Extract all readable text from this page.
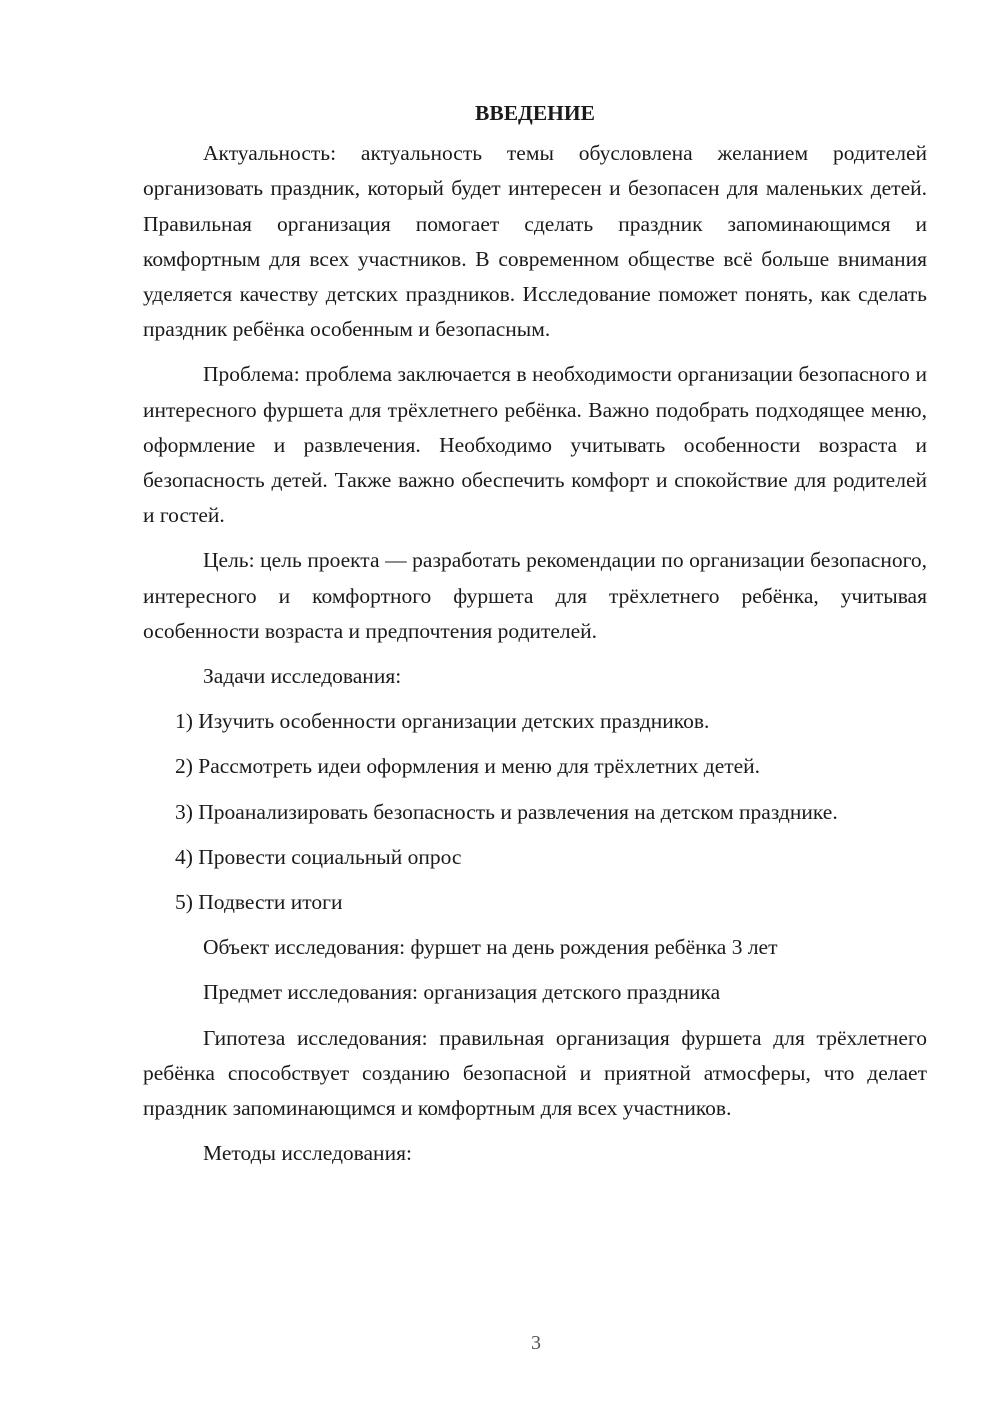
ВВЕДЕНИЕ

Актуальность: актуальность темы обусловлена желанием родителей организовать праздник, который будет интересен и безопасен для маленьких детей. Правильная организация помогает сделать праздник запоминающимся и комфортным для всех участников. В современном обществе всё больше внимания уделяется качеству детских праздников. Исследование поможет понять, как сделать праздник ребёнка особенным и безопасным.

Проблема: проблема заключается в необходимости организации безопасного и интересного фуршета для трёхлетнего ребёнка. Важно подобрать подходящее меню, оформление и развлечения. Необходимо учитывать особенности возраста и безопасность детей. Также важно обеспечить комфорт и спокойствие для родителей и гостей.

Цель: цель проекта — разработать рекомендации по организации безопасного, интересного и комфортного фуршета для трёхлетнего ребёнка, учитывая особенности возраста и предпочтения родителей.

Задачи исследования:

1) Изучить особенности организации детских праздников.

2) Рассмотреть идеи оформления и меню для трёхлетних детей.

3) Проанализировать безопасность и развлечения на детском празднике.

4) Провести социальный опрос

5) Подвести итоги

Объект исследования: фуршет на день рождения ребёнка 3 лет

Предмет исследования: организация детского праздника

Гипотеза исследования: правильная организация фуршета для трёхлетнего ребёнка способствует созданию безопасной и приятной атмосферы, что делает праздник запоминающимся и комфортным для всех участников.

Методы исследования:

3
